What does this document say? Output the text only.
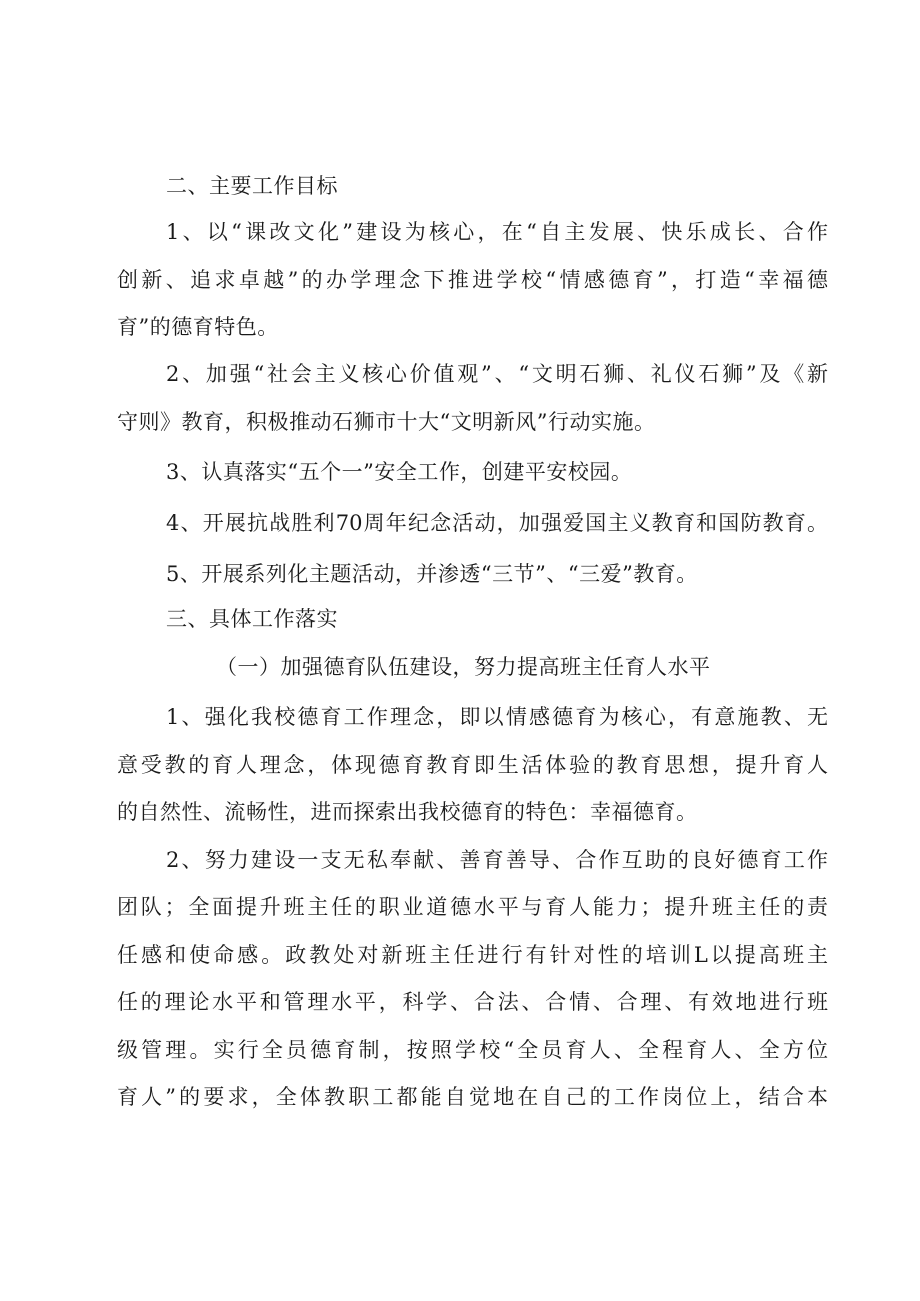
二、主要工作目标
1、以“课改文化”建设为核心，在“自主发展、快乐成长、合作
创新、追求卓越”的办学理念下推进学校“情感德育”，打造“幸福德
育”的德育特色。
2、加强“社会主义核心价值观”、“文明石狮、礼仪石狮”及《新
守则》教育，积极推动石狮市十大“文明新风”行动实施。
3、认真落实“五个一”安全工作，创建平安校园。
4、开展抗战胜利70周年纪念活动，加强爱国主义教育和国防教育。
5、开展系列化主题活动，并渗透“三节”、“三爱”教育。
三、具体工作落实
（一）加强德育队伍建设，努力提高班主任育人水平
1、强化我校德育工作理念，即以情感德育为核心，有意施教、无
意受教的育人理念，体现德育教育即生活体验的教育思想，提升育人
的自然性、流畅性，进而探索出我校德育的特色：幸福德育。
2、努力建设一支无私奉献、善育善导、合作互助的良好德育工作
团队；全面提升班主任的职业道德水平与育人能力；提升班主任的责
任感和使命感。政教处对新班主任进行有针对性的培训L以提高班主
任的理论水平和管理水平，科学、合法、合情、合理、有效地进行班
级管理。实行全员德育制，按照学校“全员育人、全程育人、全方位
育人”的要求，全体教职工都能自觉地在自己的工作岗位上，结合本
